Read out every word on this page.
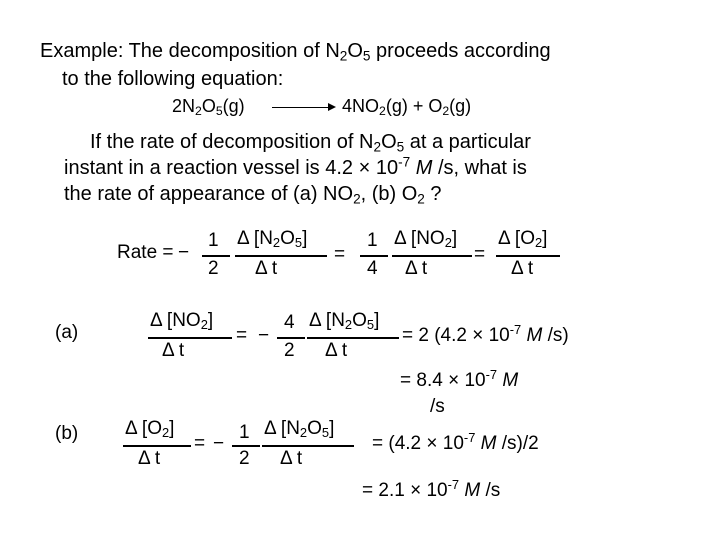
Example: The decomposition of $N_2O_5$ proceeds according
to the following equation:
$2N_2O_5(g)$	$4NO_2(g) + O_2(g)$
If the rate of decomposition of $N_2O_5$ at a particular
instant in a reaction vessel is $4.2 \times 10^{-7}$ M /s, what is
the rate of appearance of (a) $NO_2$, (b) $O_2$ ?
Rate = −
1
2
Δ $[N_2O_5]$
Δ t
=
1
4
Δ $[NO_2]$
Δ t
=
Δ $[O_2]$
Δ t
(a)
Δ $[NO_2]$
Δ t
= −
4
2
Δ $[N_2O_5]$
Δ t
= 2 ($4.2 \times 10^{-7}$ M /s)
= $8.4 \times 10^{-7}$ M
/s
(b) Δ $[O_2]$
Δ t
= −
1
2
Δ $[N_2O_5]$
Δ t
= ($4.2 \times 10^{-7}$ M /s)/2
= $2.1 \times 10^{-7}$ M /s
